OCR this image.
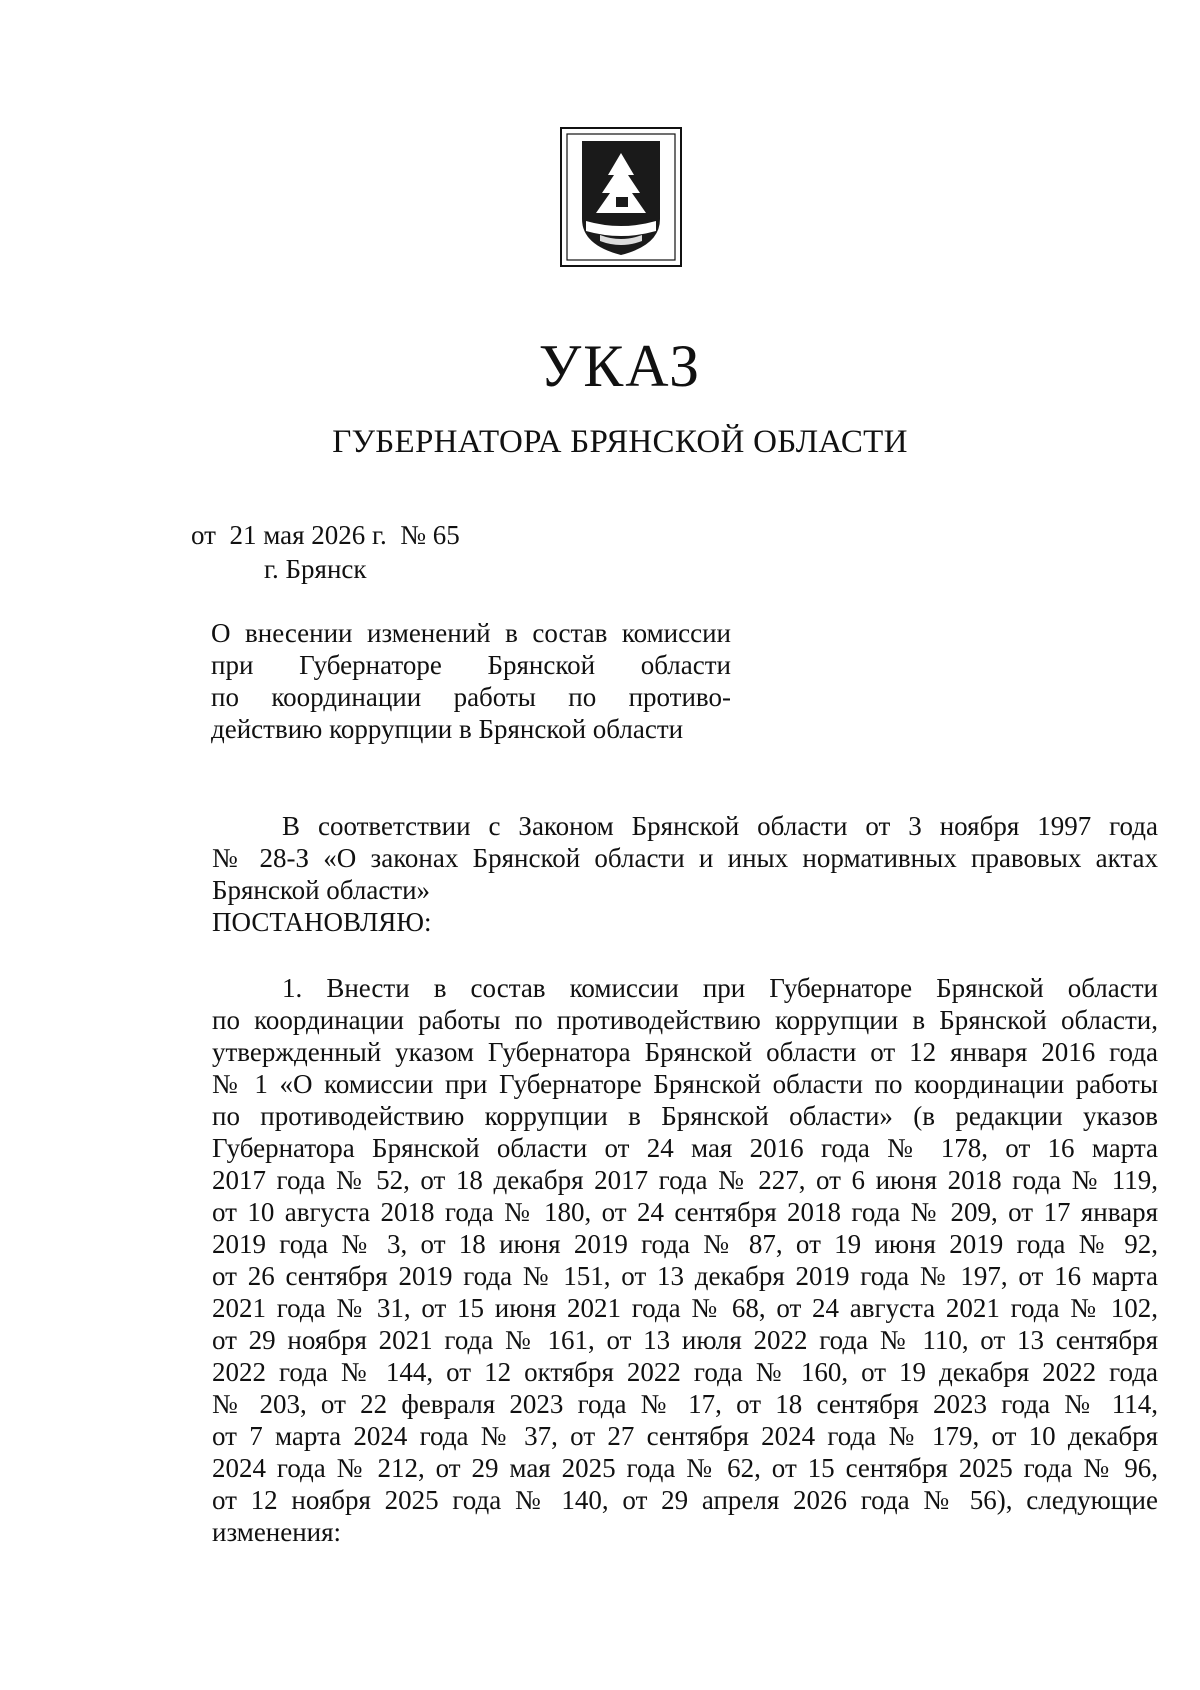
УКАЗ
ГУБЕРНАТОРА БРЯНСКОЙ ОБЛАСТИ
от  21 мая 2026 г.  № 65
г. Брянск
О внесении изменений в состав комиссии
при Губернаторе Брянской области
по координации работы по противо-
действию коррупции в Брянской области
В соответствии с Законом Брянской области от 3 ноября 1997 года
№ 28-З «О законах Брянской области и иных нормативных правовых актах
Брянской области»
ПОСТАНОВЛЯЮ:
1. Внести в состав комиссии при Губернаторе Брянской области
по координации работы по противодействию коррупции в Брянской области,
утвержденный указом Губернатора Брянской области от 12 января 2016 года
№ 1 «О комиссии при Губернаторе Брянской области по координации работы
по противодействию коррупции в Брянской области» (в редакции указов
Губернатора Брянской области от 24 мая 2016 года № 178, от 16 марта
2017 года № 52, от 18 декабря 2017 года № 227, от 6 июня 2018 года № 119,
от 10 августа 2018 года № 180, от 24 сентября 2018 года № 209, от 17 января
2019 года № 3, от 18 июня 2019 года № 87, от 19 июня 2019 года № 92,
от 26 сентября 2019 года № 151, от 13 декабря 2019 года № 197, от 16 марта
2021 года № 31, от 15 июня 2021 года № 68, от 24 августа 2021 года № 102,
от 29 ноября 2021 года № 161, от 13 июля 2022 года № 110, от 13 сентября
2022 года № 144, от 12 октября 2022 года № 160, от 19 декабря 2022 года
№ 203, от 22 февраля 2023 года № 17, от 18 сентября 2023 года № 114,
от 7 марта 2024 года № 37, от 27 сентября 2024 года № 179, от 10 декабря
2024 года № 212, от 29 мая 2025 года № 62, от 15 сентября 2025 года № 96,
от 12 ноября 2025 года № 140, от 29 апреля 2026 года № 56), следующие
изменения:
